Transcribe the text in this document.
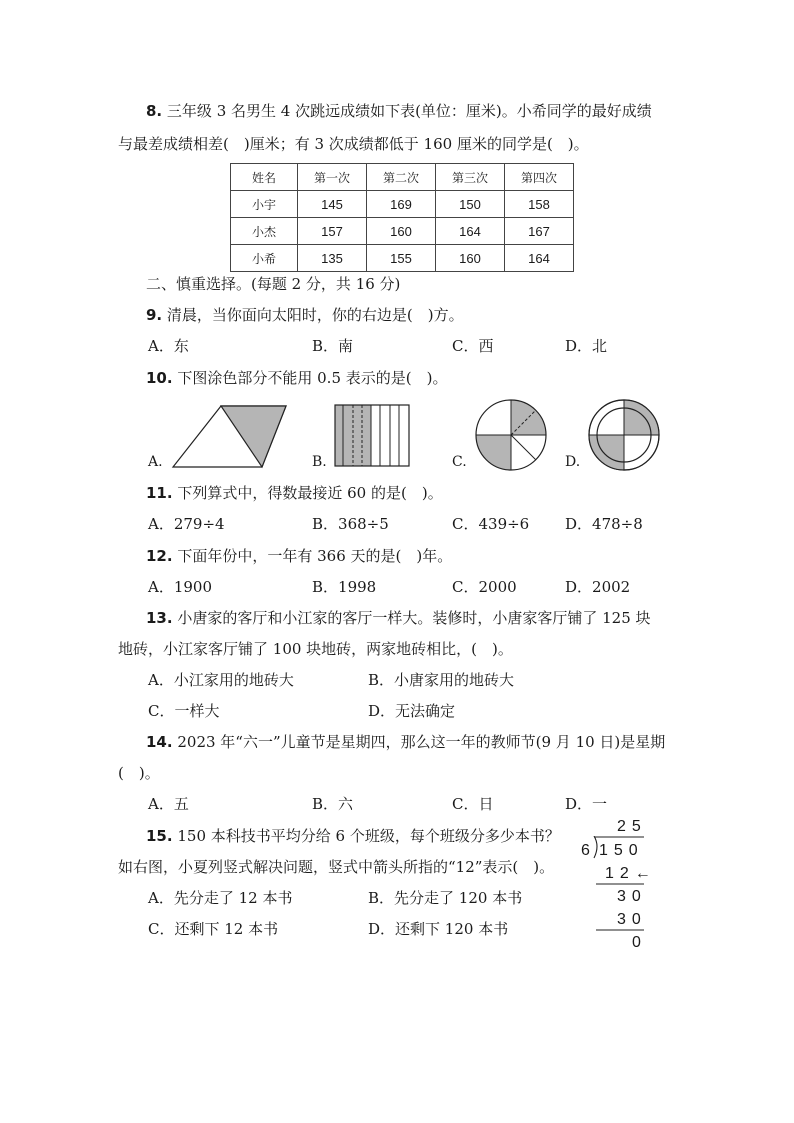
8. 三年级 3 名男生 4 次跳远成绩如下表(单位：厘米)。小希同学的最好成绩
与最差成绩相差(　)厘米；有 3 次成绩都低于 160 厘米的同学是(　)。
姓名	第一次	第二次	第三次	第四次
小宇	145	169	150	158
小杰	157	160	164	167
小希	135	155	160	164
二、慎重选择。(每题 2 分，共 16 分)
9. 清晨，当你面向太阳时，你的右边是(　)方。
A．东	B．南	C．西	D．北
10. 下图涂色部分不能用 0.5 表示的是(　)。
A.	B.	C.	D.
11. 下列算式中，得数最接近 60 的是(　)。
A．279÷4	B．368÷5	C．439÷6 D．478÷8
12. 下面年份中，一年有 366 天的是(　)年。
A．1900	B．1998	C．2000	D．2002
13. 小唐家的客厅和小江家的客厅一样大。装修时，小唐家客厅铺了 125 块
地砖，小江家客厅铺了 100 块地砖，两家地砖相比，(　)。
A．小江家用的地砖大	B．小唐家用的地砖大
C．一样大	D．无法确定
14. 2023 年“六一”儿童节是星期四，那么这一年的教师节(9 月 10 日)是星期
(　)。
A．五	B．六	C．日	D．一
15. 150 本科技书平均分给 6 个班级，每个班级分多少本书？
如右图，小夏列竖式解决问题，竖式中箭头所指的“12”表示(　)。
A．先分走了 12 本书	B．先分走了 120 本书
C．还剩下 12 本书	D．还剩下 120 本书
25
6 150
12←
30
30
0
